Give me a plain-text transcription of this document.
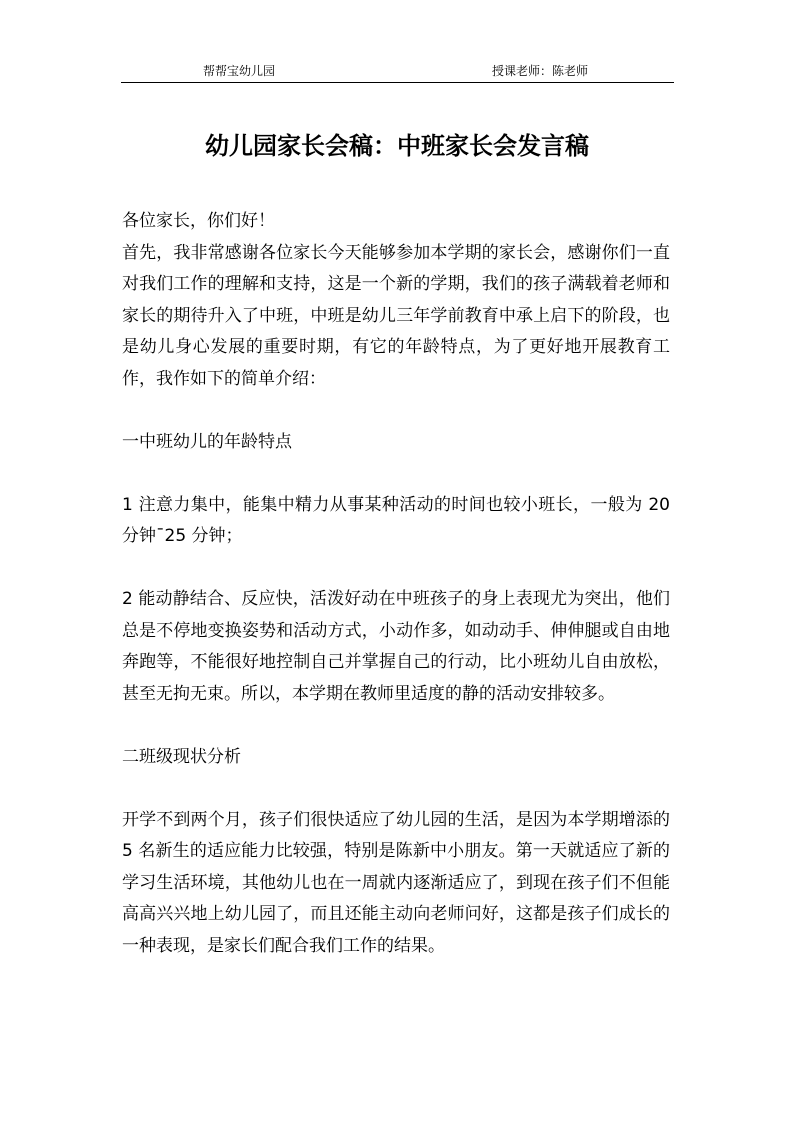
帮帮宝幼儿园	授课老师：陈老师
幼儿园家长会稿：中班家长会发言稿

各位家长，你们好！

首先，我非常感谢各位家长今天能够参加本学期的家长会，感谢你们一直对我们工作的理解和支持，这是一个新的学期，我们的孩子满载着老师和家长的期待升入了中班，中班是幼儿三年学前教育中承上启下的阶段，也是幼儿身心发展的重要时期，有它的年龄特点，为了更好地开展教育工作，我作如下的简单介绍：

一中班幼儿的年龄特点

1 注意力集中，能集中精力从事某种活动的时间也较小班长，一般为 20 分钟¯25 分钟；

2 能动静结合、反应快，活泼好动在中班孩子的身上表现尤为突出，他们总是不停地变换姿势和活动方式，小动作多，如动动手、伸伸腿或自由地奔跑等，不能很好地控制自己并掌握自己的行动，比小班幼儿自由放松，甚至无拘无束。所以，本学期在教师里适度的静的活动安排较多。

二班级现状分析

开学不到两个月，孩子们很快适应了幼儿园的生活，是因为本学期增添的 5 名新生的适应能力比较强，特别是陈新中小朋友。第一天就适应了新的学习生活环境，其他幼儿也在一周就内逐渐适应了，到现在孩子们不但能高高兴兴地上幼儿园了，而且还能主动向老师问好，这都是孩子们成长的一种表现，是家长们配合我们工作的结果。
